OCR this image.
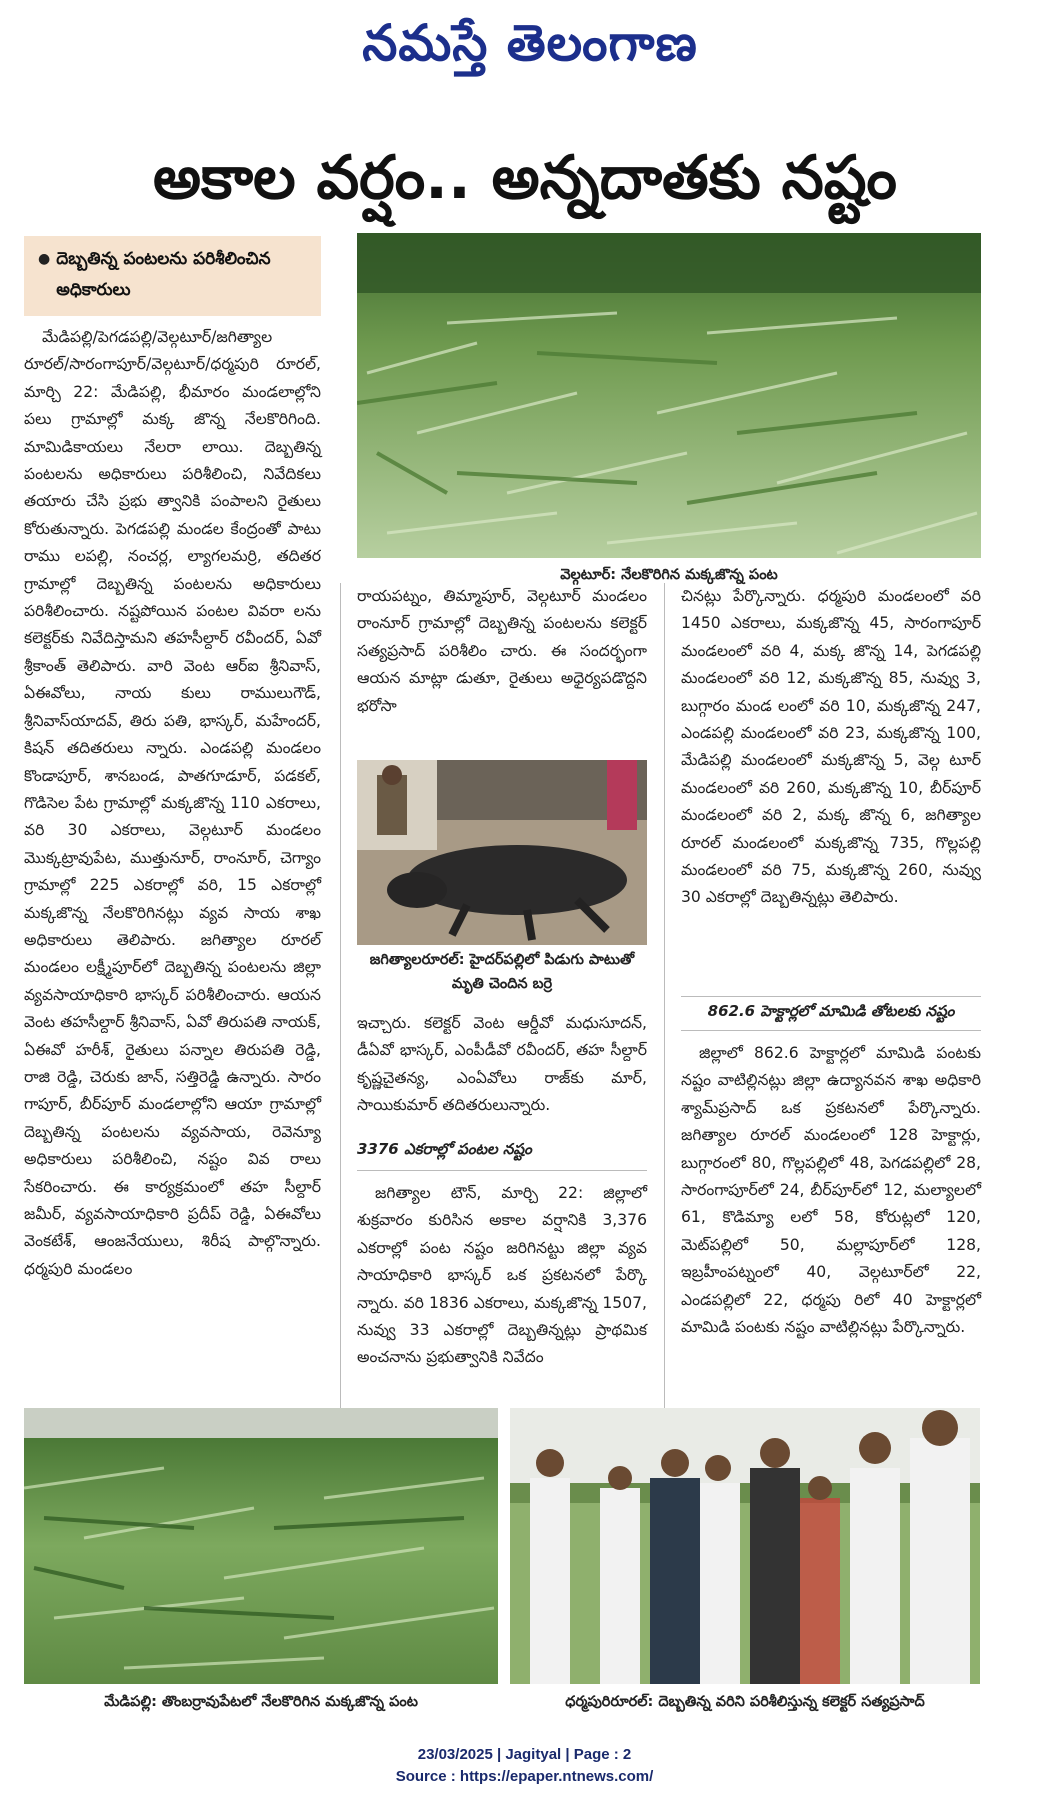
నమస్తే తెలంగాణ
అకాల వర్షం.. అన్నదాతకు నష్టం
● దెబ్బతిన్న పంటలను పరిశీలించిన అధికారులు
వెల్గటూర్: నేలకొరిగిన మక్కజొన్న పంట

మేడిపల్లి/పెగడపల్లి/వెల్గటూర్/జగిత్యాల రూరల్/సారంగాపూర్/వెల్గటూర్/ధర్మపురి రూరల్, మార్చి 22: మేడిపల్లి, భీమారం మండలాల్లోని పలు గ్రామాల్లో మక్క జొన్న నేలకొరిగింది. మామిడికాయలు నేలరా లాయి. దెబ్బతిన్న పంటలను అధికారులు పరిశీలించి, నివేదికలు తయారు చేసి ప్రభు త్వానికి పంపాలని రైతులు కోరుతున్నారు. పెగడపల్లి మండల కేంద్రంతో పాటు రాము లపల్లి, నంచర్ల, ల్యాగలమర్రి, తదితర గ్రామాల్లో దెబ్బతిన్న పంటలను అధికారులు పరిశీలించారు. నష్టపోయిన పంటల వివరా లను కలెక్టర్‌కు నివేదిస్తామని తహసీల్దార్ రవీందర్, ఏవో శ్రీకాంత్ తెలిపారు. వారి వెంట ఆర్‌ఐ శ్రీనివాస్, ఏఈవోలు, నాయ కులు రాములుగౌడ్, శ్రీనివాస్‌యాదవ్, తిరు పతి, భాస్కర్, మహేందర్, కిషన్ తదితరులు న్నారు. ఎండపల్లి మండలం కొండాపూర్, శానబండ, పాతగూడూర్, పడకల్, గొడిసెల పేట గ్రామాల్లో మక్కజొన్న 110 ఎకరాలు, వరి 30 ఎకరాలు, వెల్గటూర్ మండలం మొక్కట్రావుపేట, ముత్తునూర్, రాంనూర్, చెగ్యాం గ్రామాల్లో 225 ఎకరాల్లో వరి, 15 ఎకరాల్లో మక్కజొన్న నేలకొరిగినట్లు వ్యవ సాయ శాఖ అధికారులు తెలిపారు. జగిత్యాల రూరల్ మండలం లక్ష్మీపూర్‌లో దెబ్బతిన్న పంటలను జిల్లా వ్యవసాయాధికారి భాస్కర్ పరిశీలించారు. ఆయన వెంట తహసీల్దార్ శ్రీనివాస్, ఏవో తిరుపతి నాయక్, ఏఈవో హరీశ్, రైతులు పన్నాల తిరుపతి రెడ్డి, రాజి రెడ్డి, చెరుకు జాన్, సత్తిరెడ్డి ఉన్నారు. సారం గాపూర్, బీర్‌పూర్ మండలాల్లోని ఆయా గ్రామాల్లో దెబ్బతిన్న పంటలను వ్యవసాయ, రెవెన్యూ అధికారులు పరిశీలించి, నష్టం వివ రాలు సేకరించారు. ఈ కార్యక్రమంలో తహ సీల్దార్ జమీర్, వ్యవసాయాధికారి ప్రదీప్ రెడ్డి, ఏఈవోలు వెంకటేశ్, ఆంజనేయులు, శిరీష పాల్గొన్నారు. ధర్మపురి మండలం

రాయపట్నం, తిమ్మాపూర్, వెల్గటూర్ మండలం రాంనూర్ గ్రామాల్లో దెబ్బతిన్న పంటలను కలెక్టర్ సత్యప్రసాద్ పరిశీలిం చారు. ఈ సందర్భంగా ఆయన మాట్లా డుతూ, రైతులు అధైర్యపడొద్దని భరోసా

జగిత్యాలరూరల్: హైదర్‌పల్లిలో పిడుగు పాటుతో మృతి చెందిన బర్రె

ఇచ్చారు. కలెక్టర్ వెంట ఆర్డీవో మధుసూదన్, డీఏవో భాస్కర్, ఎంపీడీవో రవీందర్, తహ సీల్దార్ కృష్ణచైతన్య, ఎంఏవోలు రాజ్‌కు మార్, సాయికుమార్ తదితరులున్నారు.

3376 ఎకరాల్లో పంటల నష్టం

జగిత్యాల టౌన్, మార్చి 22: జిల్లాలో శుక్రవారం కురిసిన అకాల వర్షానికి 3,376 ఎకరాల్లో పంట నష్టం జరిగినట్టు జిల్లా వ్యవ సాయాధికారి భాస్కర్ ఒక ప్రకటనలో పేర్కొ న్నారు. వరి 1836 ఎకరాలు, మక్కజొన్న 1507, నువ్వు 33 ఎకరాల్లో దెబ్బతిన్నట్లు ప్రాథమిక అంచనాను ప్రభుత్వానికి నివేదం

చినట్లు పేర్కొన్నారు. ధర్మపురి మండలంలో వరి 1450 ఎకరాలు, మక్కజొన్న 45, సారంగాపూర్ మండలంలో వరి 4, మక్క జొన్న 14, పెగడపల్లి మండలంలో వరి 12, మక్కజొన్న 85, నువ్వు 3, బుగ్గారం మండ లంలో వరి 10, మక్కజొన్న 247, ఎండపల్లి మండలంలో వరి 23, మక్కజొన్న 100, మేడిపల్లి మండలంలో మక్కజొన్న 5, వెల్గ టూర్ మండలంలో వరి 260, మక్కజొన్న 10, బీర్‌పూర్ మండలంలో వరి 2, మక్క జొన్న 6, జగిత్యాల రూరల్ మండలంలో మక్కజొన్న 735, గొల్లపల్లి మండలంలో వరి 75, మక్కజొన్న 260, నువ్వు 30 ఎకరాల్లో దెబ్బతిన్నట్లు తెలిపారు.

862.6 హెక్టార్లలో మామిడి తోటలకు నష్టం

జిల్లాలో 862.6 హెక్టార్లలో మామిడి పంటకు నష్టం వాటిల్లినట్లు జిల్లా ఉద్యానవన శాఖ అధికారి శ్యామ్‌ప్రసాద్ ఒక ప్రకటనలో పేర్కొన్నారు. జగిత్యాల రూరల్ మండలంలో 128 హెక్టార్లు, బుగ్గారంలో 80, గొల్లపల్లిలో 48, పెగడపల్లిలో 28, సారంగాపూర్‌లో 24, బీర్‌పూర్‌లో 12, మల్యాలలో 61, కొడిమ్యా లలో 58, కోరుట్లలో 120, మెట్‌పల్లిలో 50, మల్లాపూర్‌లో 128, ఇబ్రహీంపట్నంలో 40, వెల్గటూర్‌లో 22, ఎండపల్లిలో 22, ధర్మపు రిలో 40 హెక్టార్లలో మామిడి పంటకు నష్టం వాటిల్లినట్లు పేర్కొన్నారు.

మేడిపల్లి: తొంబర్రావుపేటలో నేలకొరిగిన మక్కజొన్న పంట	ధర్మపురిరూరల్: దెబ్బతిన్న వరిని పరిశీలిస్తున్న కలెక్టర్ సత్యప్రసాద్
23/03/2025 | Jagityal | Page : 2
Source : https://epaper.ntnews.com/
